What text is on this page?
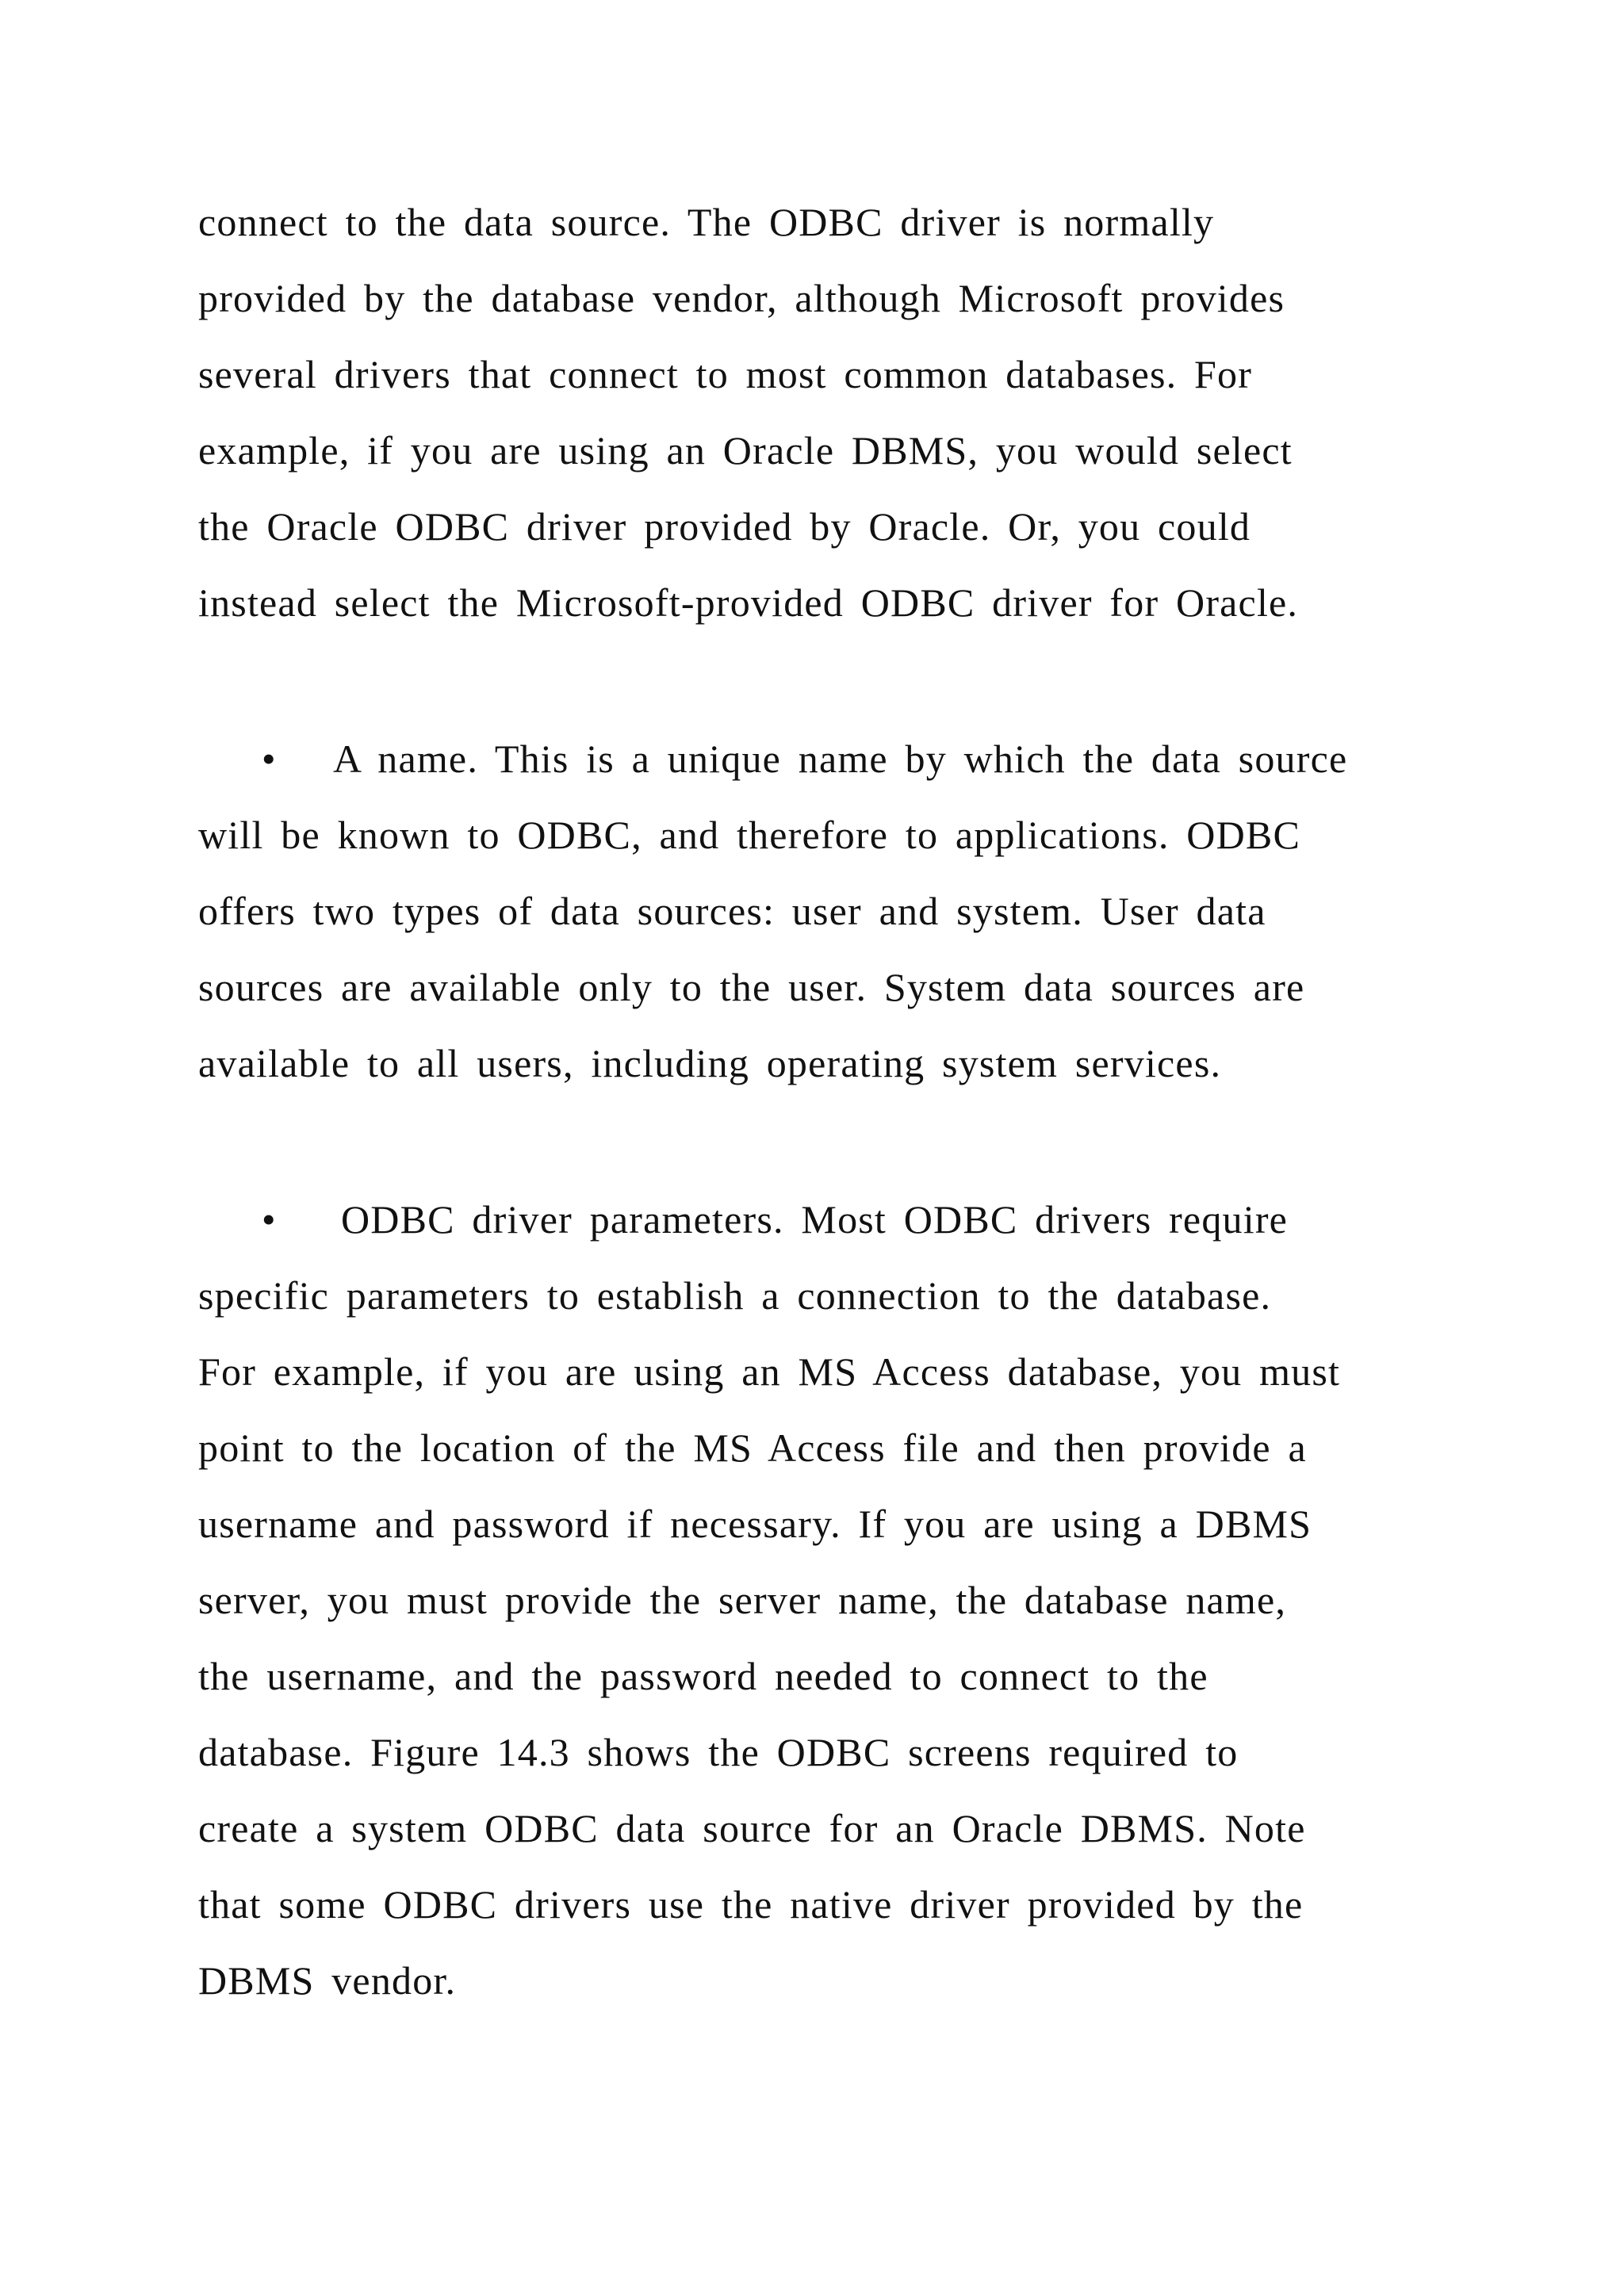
connect to the data source. The ODBC driver is normally
provided by the database vendor, although Microsoft provides
several drivers that connect to most common databases. For
example, if you are using an Oracle DBMS, you would select
the Oracle ODBC driver provided by Oracle. Or, you could
instead select the Microsoft-provided ODBC driver for Oracle.
• A name. This is a unique name by which the data source
will be known to ODBC, and therefore to applications. ODBC
offers two types of data sources: user and system. User data
sources are available only to the user. System data sources are
available to all users, including operating system services.
• ODBC driver parameters. Most ODBC drivers require
specific parameters to establish a connection to the database.
For example, if you are using an MS Access database, you must
point to the location of the MS Access file and then provide a
username and password if necessary. If you are using a DBMS
server, you must provide the server name, the database name,
the username, and the password needed to connect to the
database. Figure 14.3 shows the ODBC screens required to
create a system ODBC data source for an Oracle DBMS. Note
that some ODBC drivers use the native driver provided by the
DBMS vendor.
